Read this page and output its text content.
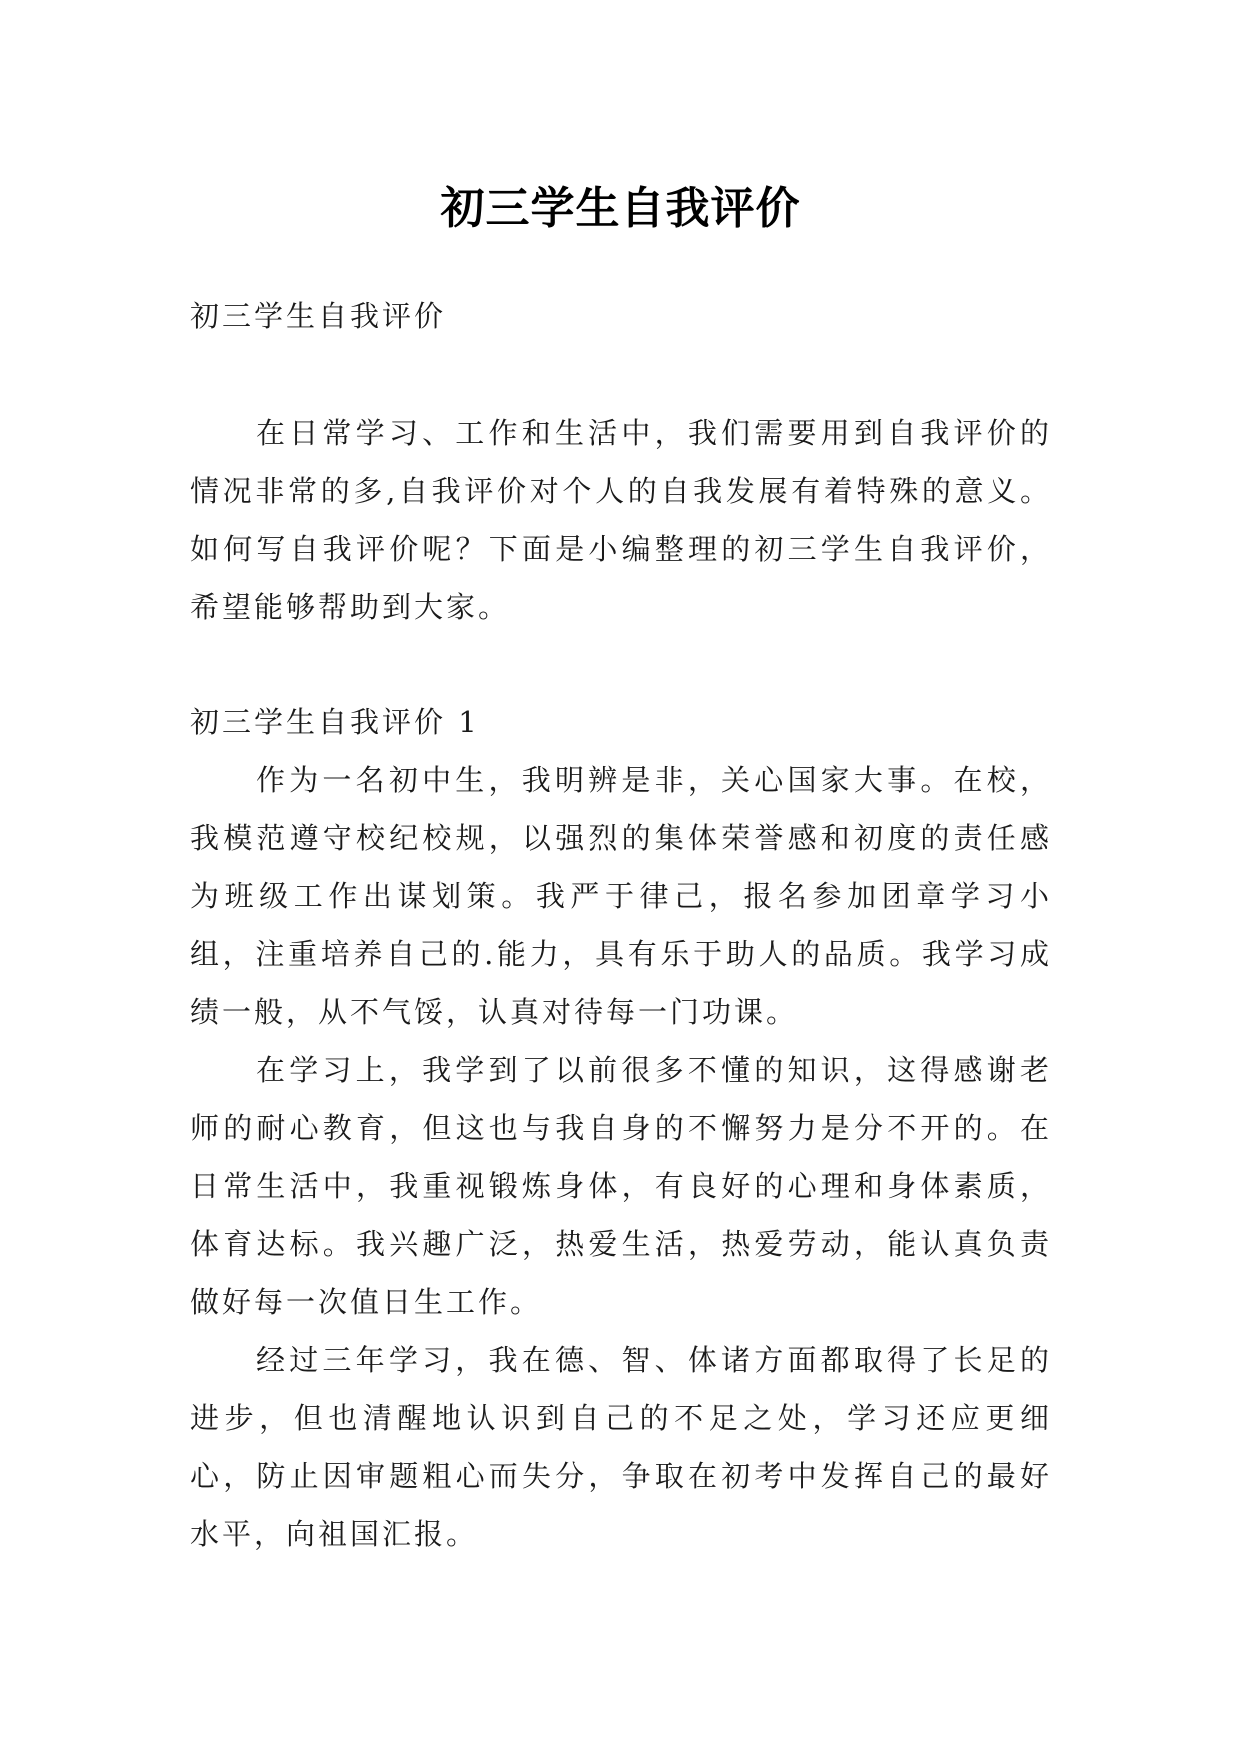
初三学生自我评价

初三学生自我评价

在日常学习、工作和生活中，我们需要用到自我评价的情况非常的多,自我评价对个人的自我发展有着特殊的意义。如何写自我评价呢？下面是小编整理的初三学生自我评价，希望能够帮助到大家。

初三学生自我评价 1

作为一名初中生，我明辨是非，关心国家大事。在校，我模范遵守校纪校规，以强烈的集体荣誉感和初度的责任感为班级工作出谋划策。我严于律己，报名参加团章学习小组，注重培养自己的.能力，具有乐于助人的品质。我学习成绩一般，从不气馁，认真对待每一门功课。

在学习上，我学到了以前很多不懂的知识，这得感谢老师的耐心教育，但这也与我自身的不懈努力是分不开的。在日常生活中，我重视锻炼身体，有良好的心理和身体素质，体育达标。我兴趣广泛，热爱生活，热爱劳动，能认真负责做好每一次值日生工作。

经过三年学习，我在德、智、体诸方面都取得了长足的进步，但也清醒地认识到自己的不足之处，学习还应更细心，防止因审题粗心而失分，争取在初考中发挥自己的最好水平，向祖国汇报。
